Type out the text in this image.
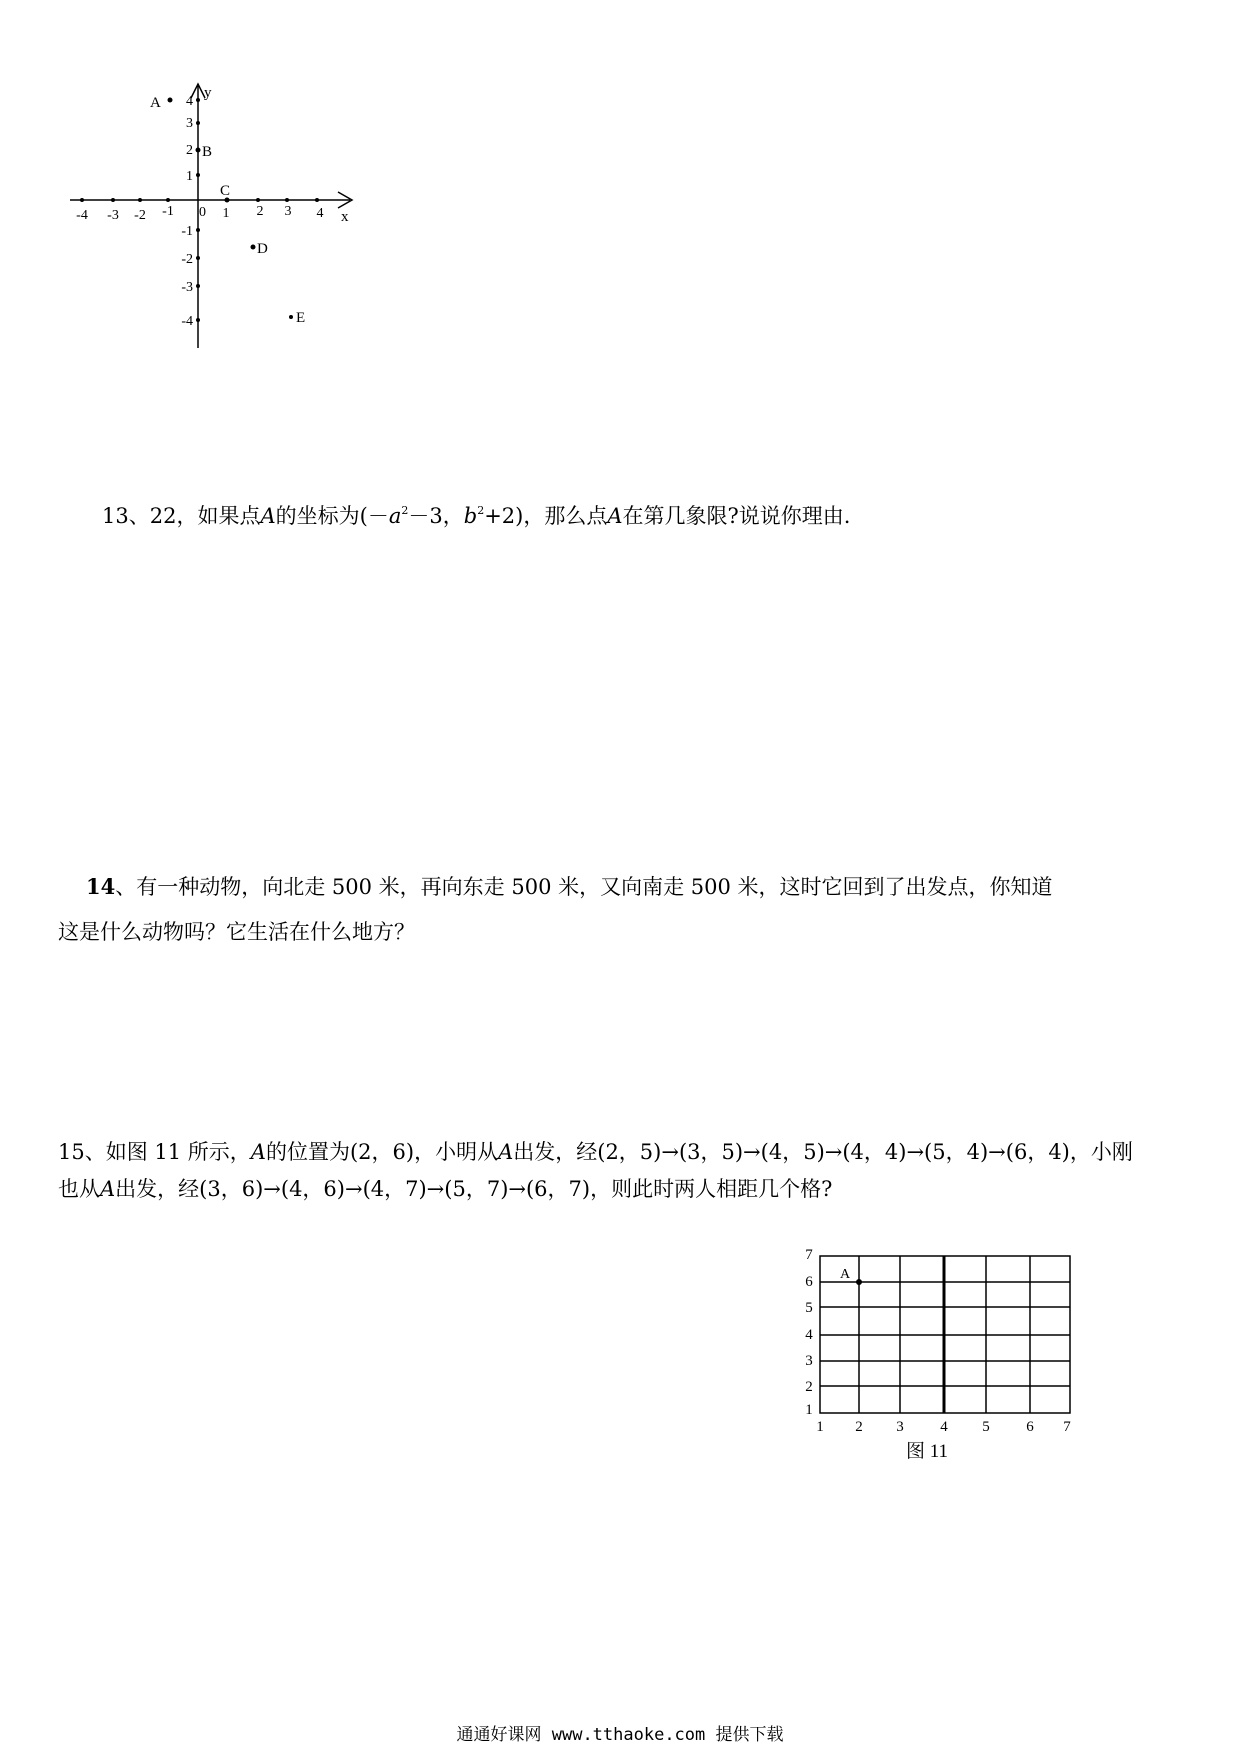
x
y
0
-4 -3 -2 -1	1 2 3 4
4
3
2
1
-1
-2
-3
-4
A
B
C
D
E

13、22，如果点A的坐标为($-a^2-3$，$b^2+2$)，那么点A在第几象限?说说你理由.

14、有一种动物，向北走 500 米，再向东走 500 米，又向南走 500 米，这时它回到了出发点，你知道

这是什么动物吗？它生活在什么地方？

15、如图 11 所示，A的位置为(2，6)，小明从A出发，经(2，5)→(3，5)→(4，5)→(4，4)→(5，4)→(6，4)，小刚

也从A出发，经(3，6)→(4，6)→(4，7)→(5，7)→(6，7)，则此时两人相距几个格?

7
6
5
4
3
2
1
1 2 3 4 5 6 7
A
图 11
通通好课网 www.tthaoke.com 提供下载
